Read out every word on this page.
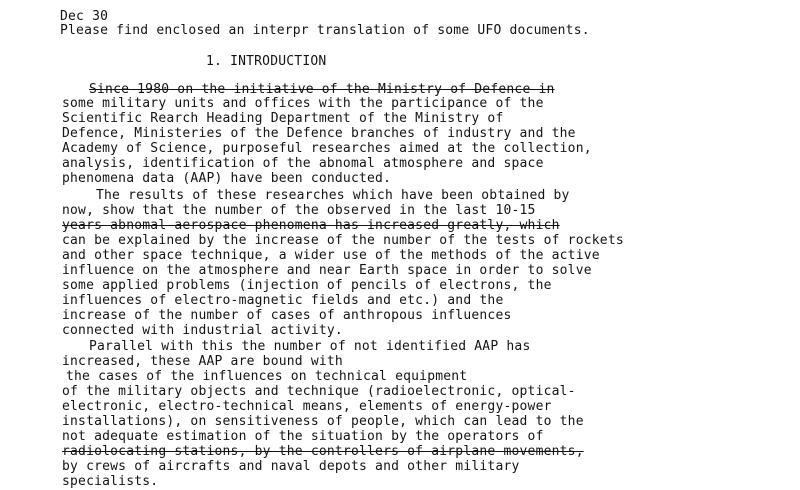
Dec 30
Please find enclosed an interpr translation of some UFO documents.
1. INTRODUCTION
Since 1980 on the initiative of the Ministry of Defence in
some military units and offices with the participance of the
Scientific Rearch Heading Department of the Ministry of
Defence, Ministeries of the Defence branches of industry and the
Academy of Science, purposeful researches aimed at the collection,
analysis, identification of the abnomal atmosphere and space
phenomena data (AAP) have been conducted.
The results of these researches which have been obtained by
now, show that the number of the observed in the last 10-15
years abnomal aerospace phenomena has increased greatly, which
can be explained by the increase of the number of the tests of rockets
and other space technique, a wider use of the methods of the active
influence on the atmosphere and near Earth space in order to solve
some applied problems (injection of pencils of electrons, the
influences of electro-magnetic fields and etc.) and the
increase of the number of cases of anthropous influences
connected with industrial activity.
Parallel with this the number of not identified AAP has
increased, these AAP are bound with
the cases of the influences on technical equipment
of the military objects and technique (radioelectronic, optical-
electronic, electro-technical means, elements of energy-power
installations), on sensitiveness of people, which can lead to the
not adequate estimation of the situation by the operators of
radiolocating stations, by the controllers of airplane movements,
by crews of aircrafts and naval depots and other military
specialists.
